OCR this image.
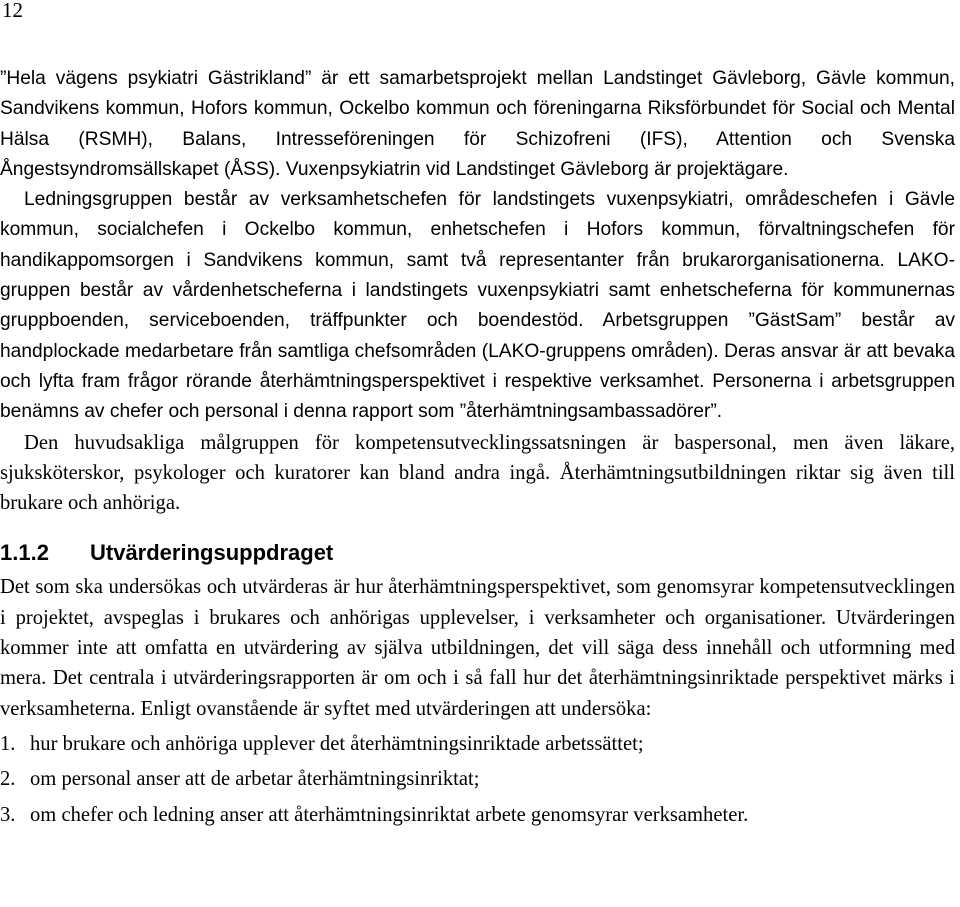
12

”Hela vägens psykiatri Gästrikland” är ett samarbetsprojekt mellan Landstinget Gävleborg, Gävle kommun, Sandvikens kommun, Hofors kommun, Ockelbo kommun och föreningarna Riksförbundet för Social och Mental Hälsa (RSMH), Balans, Intresseföreningen för Schizofreni (IFS), Attention och Svenska Ångestsyndromsällskapet (ÅSS). Vuxenpsykiatrin vid Landstinget Gävleborg är projektägare.

Ledningsgruppen består av verksamhetschefen för landstingets vuxenpsykiatri, områdeschefen i Gävle kommun, socialchefen i Ockelbo kommun, enhetschefen i Hofors kommun, förvaltningschefen för handikappomsorgen i Sandvikens kommun, samt två representanter från brukarorganisationerna. LAKO-gruppen består av vårdenhetscheferna i landstingets vuxenpsykiatri samt enhetscheferna för kommunernas gruppboenden, serviceboenden, träffpunkter och boendestöd. Arbetsgruppen ”GästSam” består av handplockade medarbetare från samtliga chefsområden (LAKO-gruppens områden). Deras ansvar är att bevaka och lyfta fram frågor rörande återhämtningsperspektivet i respektive verksamhet. Personerna i arbetsgruppen benämns av chefer och personal i denna rapport som ”återhämtningsambassadörer”.

Den huvudsakliga målgruppen för kompetensutvecklingssatsningen är baspersonal, men även läkare, sjuksköterskor, psykologer och kuratorer kan bland andra ingå. Återhämtningsutbildningen riktar sig även till brukare och anhöriga.

1.1.2 Utvärderingsuppdraget

Det som ska undersökas och utvärderas är hur återhämtningsperspektivet, som genomsyrar kompetensutvecklingen i projektet, avspeglas i brukares och anhörigas upplevelser, i verksamheter och organisationer. Utvärderingen kommer inte att omfatta en utvärdering av själva utbildningen, det vill säga dess innehåll och utformning med mera. Det centrala i utvärderingsrapporten är om och i så fall hur det återhämtningsinriktade perspektivet märks i verksamheterna. Enligt ovanstående är syftet med utvärderingen att undersöka:

1. hur brukare och anhöriga upplever det återhämtningsinriktade arbetssättet;
2. om personal anser att de arbetar återhämtningsinriktat;
3. om chefer och ledning anser att återhämtningsinriktat arbete genomsyrar verksamheter.
